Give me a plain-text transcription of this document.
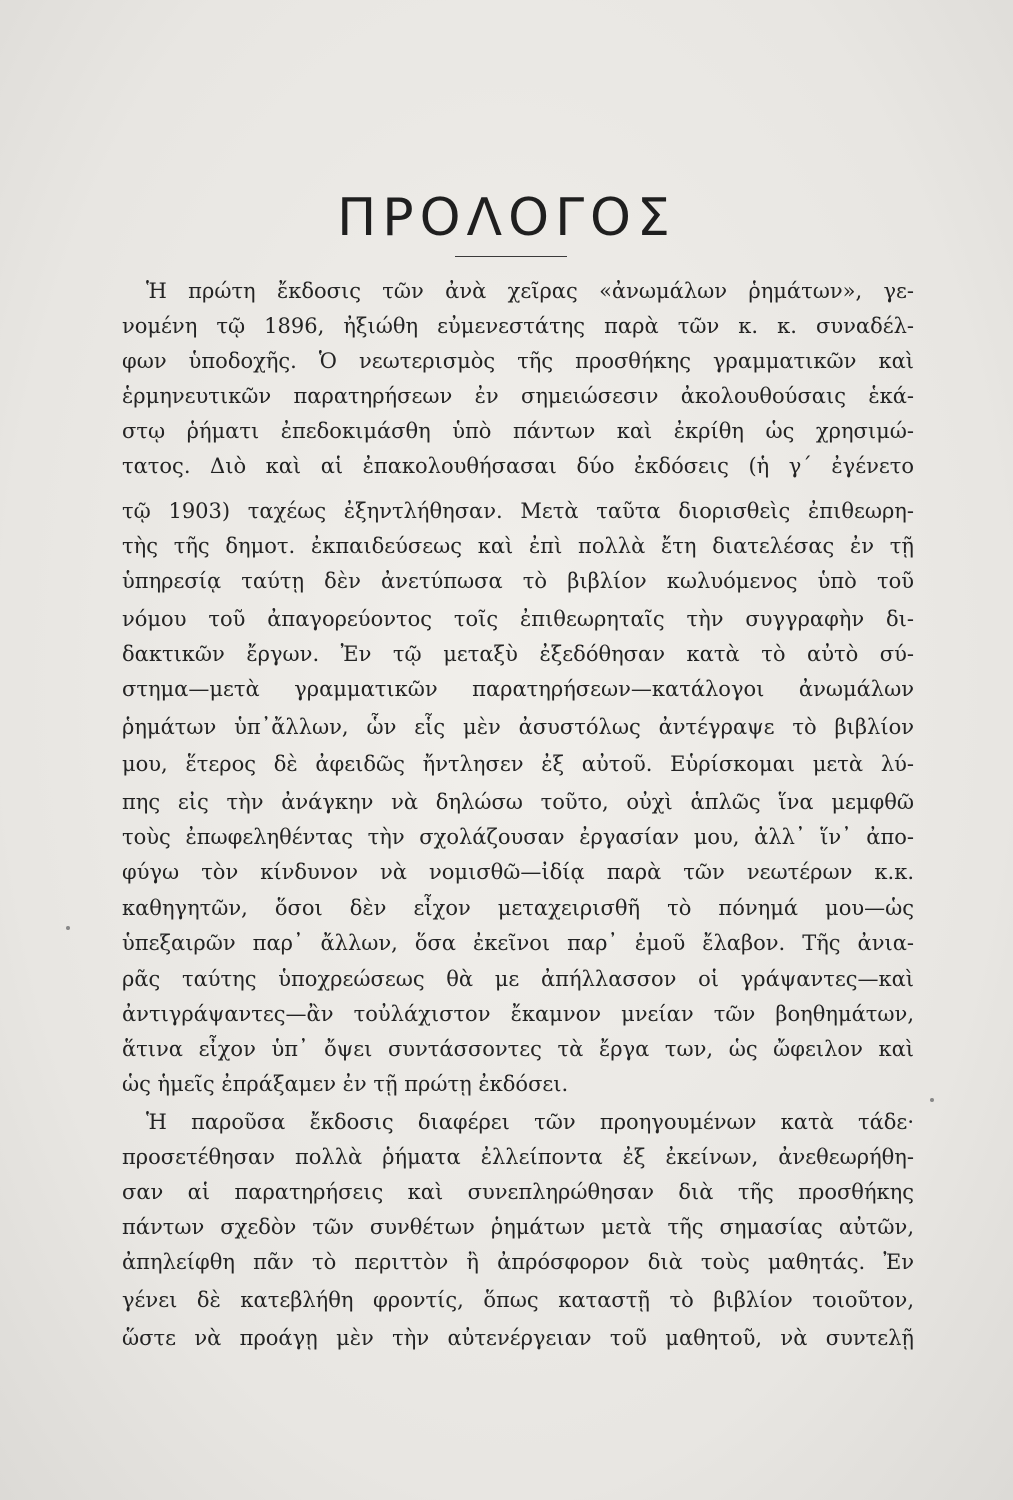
ΠΡΟΛΟΓΟΣ
Ἡ πρώτη ἔκδοσις τῶν ἀνὰ χεῖρας «ἀνωμάλων ῥημάτων», γε-
νομένη τῷ 1896, ἠξιώθη εὐμενεστάτης παρὰ τῶν κ. κ. συναδέλ-
φων ὑποδοχῆς. Ὁ νεωτερισμὸς τῆς προσθήκης γραμματικῶν καὶ
ἑρμηνευτικῶν παρατηρήσεων ἐν σημειώσεσιν ἀκολουθούσαις ἑκά-
στῳ ῥήματι ἐπεδοκιμάσθη ὑπὸ πάντων καὶ ἐκρίθη ὡς χρησιμώ-
τατος. Διὸ καὶ αἱ ἐπακολουθήσασαι δύο ἐκδόσεις (ἡ γ΄ ἐγένετο
τῷ 1903) ταχέως ἐξηντλήθησαν. Μετὰ ταῦτα διορισθεὶς ἐπιθεωρη-
τὴς τῆς δημοτ. ἐκπαιδεύσεως καὶ ἐπὶ πολλὰ ἔτη διατελέσας ἐν τῇ
ὑπηρεσίᾳ ταύτῃ δὲν ἀνετύπωσα τὸ βιβλίον κωλυόμενος ὑπὸ τοῦ
νόμου τοῦ ἀπαγορεύοντος τοῖς ἐπιθεωρηταῖς τὴν συγγραφὴν δι-
δακτικῶν ἔργων. Ἐν τῷ μεταξὺ ἐξεδόθησαν κατὰ τὸ αὐτὸ σύ-
στημα—μετὰ γραμματικῶν παρατηρήσεων—κατάλογοι ἀνωμάλων
ῥημάτων ὑπ᾿ἄλλων, ὧν εἷς μὲν ἀσυστόλως ἀντέγραψε τὸ βιβλίον
μου, ἕτερος δὲ ἀφειδῶς ἤντλησεν ἐξ αὐτοῦ. Εὑρίσκομαι μετὰ λύ-
πης εἰς τὴν ἀνάγκην νὰ δηλώσω τοῦτο, οὐχὶ ἁπλῶς ἵνα μεμφθῶ
τοὺς ἐπωφεληθέντας τὴν σχολάζουσαν ἐργασίαν μου, ἀλλ᾿ ἵν᾿ ἀπο-
φύγω τὸν κίνδυνον νὰ νομισθῶ—ἰδίᾳ παρὰ τῶν νεωτέρων κ.κ.
καθηγητῶν, ὅσοι δὲν εἶχον μεταχειρισθῆ τὸ πόνημά μου—ὡς
ὑπεξαιρῶν παρ᾿ ἄλλων, ὅσα ἐκεῖνοι παρ᾿ ἐμοῦ ἔλαβον. Τῆς ἀνια-
ρᾶς ταύτης ὑποχρεώσεως θὰ με ἀπήλλασσον οἱ γράψαντες—καὶ
ἀντιγράψαντες—ἂν τοὐλάχιστον ἔκαμνον μνείαν τῶν βοηθημάτων,
ἅτινα εἶχον ὑπ᾿ ὄψει συντάσσοντες τὰ ἔργα των, ὡς ὤφειλον καὶ
ὡς ἡμεῖς ἐπράξαμεν ἐν τῇ πρώτῃ ἐκδόσει.
Ἡ παροῦσα ἔκδοσις διαφέρει τῶν προηγουμένων κατὰ τάδε·
προσετέθησαν πολλὰ ῥήματα ἐλλείποντα ἐξ ἐκείνων, ἀνεθεωρήθη-
σαν αἱ παρατηρήσεις καὶ συνεπληρώθησαν διὰ τῆς προσθήκης
πάντων σχεδὸν τῶν συνθέτων ῥημάτων μετὰ τῆς σημασίας αὐτῶν,
ἀπηλείφθη πᾶν τὸ περιττὸν ἢ ἀπρόσφορον διὰ τοὺς μαθητάς. Ἐν
γένει δὲ κατεβλήθη φροντίς, ὅπως καταστῇ τὸ βιβλίον τοιοῦτον,
ὥστε νὰ προάγῃ μὲν τὴν αὐτενέργειαν τοῦ μαθητοῦ, νὰ συντελῇ
